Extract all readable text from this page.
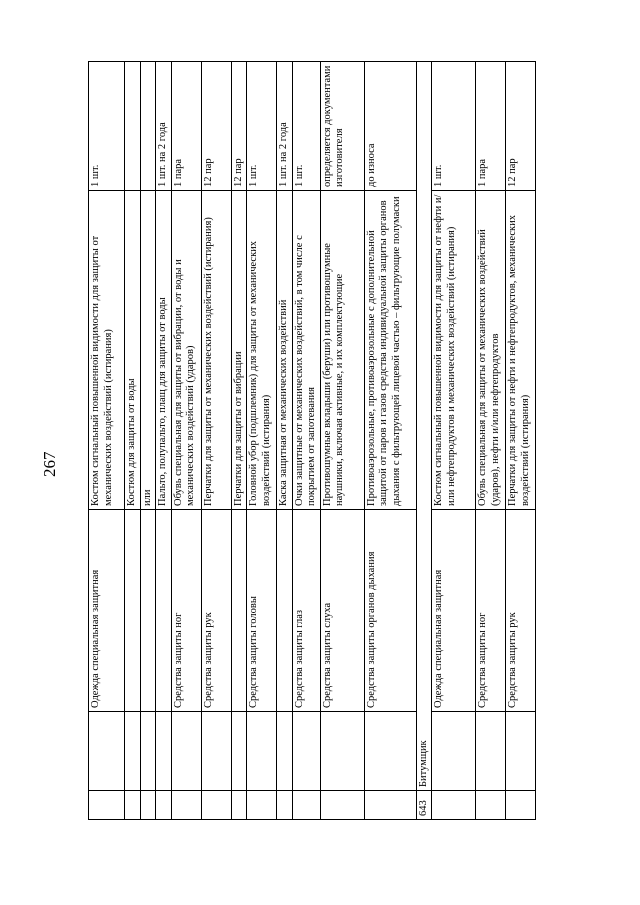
267
		Одежда специальная защитная	Костюм сигнальный повышенной видимости для защиты от механических воздействий (истирания)	1 шт.
			Костюм для защиты от воды	
			или	
			Пальто, полупальто, плащ для защиты от воды	1 шт. на 2 года
		Средства защиты ног	Обувь специальная для защиты от вибрации, от воды и механических воздействий (ударов)	1 пара
		Средства защиты рук	Перчатки для защиты от механических воздействий (истирания)	12 пар
			Перчатки для защиты от вибрации	12 пар
		Средства защиты головы	Головной убор (подшлемник) для защиты от механических воздействий (истирания)	1 шт.
			Каска защитная от механических воздействий	1 шт. на 2 года
		Средства защиты глаз	Очки защитные от механических воздействий, в том числе с покрытием от запотевания	1 шт.
		Средства защиты слуха	Противошумные вкладыши (беруши) или противошумные наушники, включая активные, и их комплектующие	определяется документами изготовителя
		Средства защиты органов дыхания	Противоаэрозольные, противоаэрозольные с дополнительной защитой от паров и газов средства индивидуальной защиты органов дыхания с фильтрующей лицевой частью – фильтрующие полумаски	до износа
643	Битумщик			
		Одежда специальная защитная	Костюм сигнальный повышенной видимости для защиты от нефти и/или нефтепродуктов и механических воздействий (истирания)	1 шт.
		Средства защиты ног	Обувь специальная для защиты от механических воздействий (ударов), нефти и/или нефтепродуктов	1 пара
		Средства защиты рук	Перчатки для защиты от нефти и нефтепродуктов, механических воздействий (истирания)	12 пар
